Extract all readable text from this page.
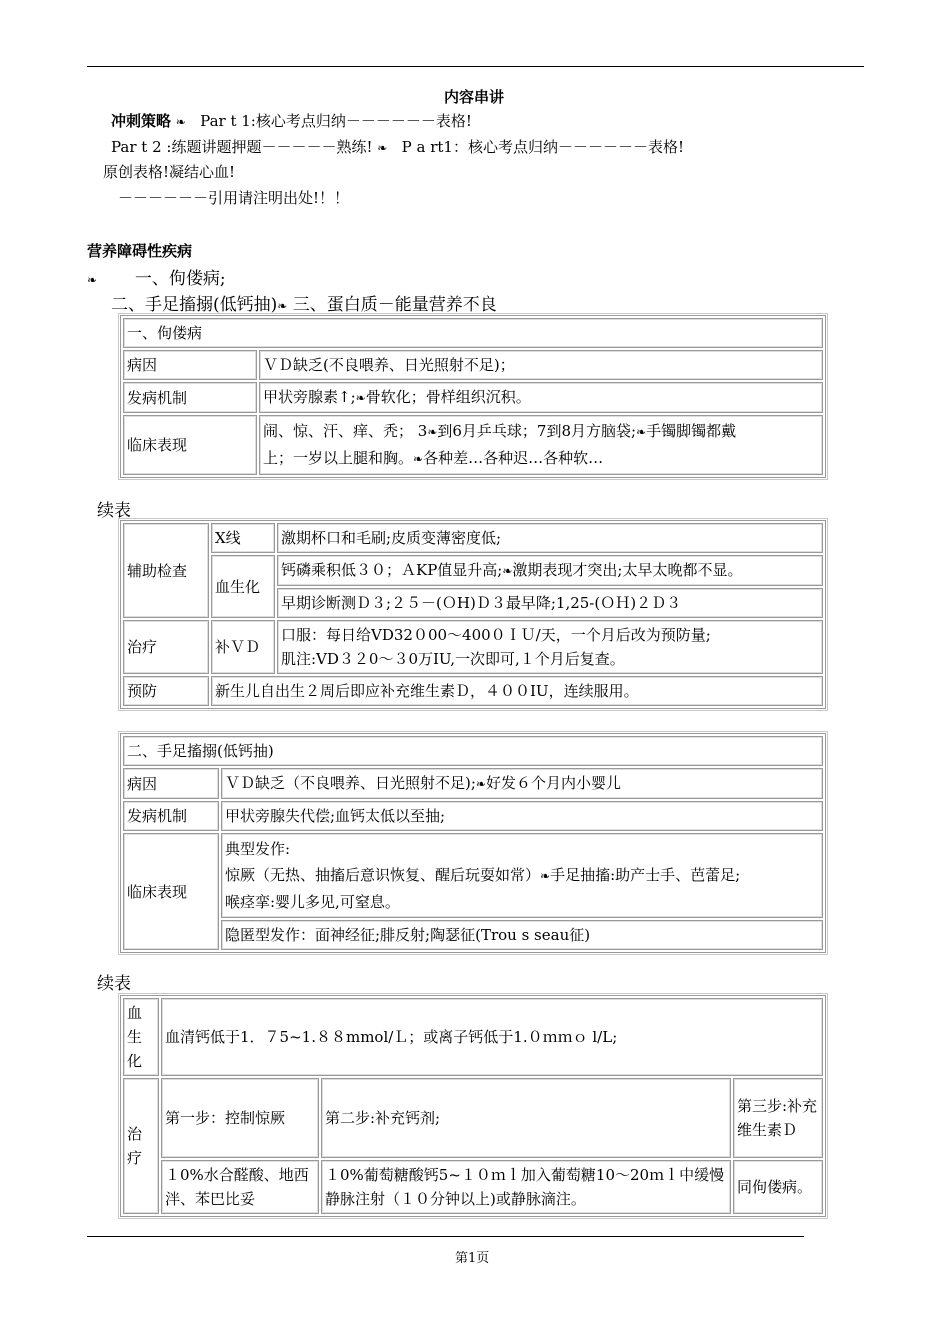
内容串讲
冲刺策略 ❧ Par t 1:核心考点归纳－－－－－－表格!
Par t 2 :练题讲题押题－－－－－熟练! ❧ P a rt1：核心考点归纳－－－－－－表格!
原创表格!凝结心血!
－－－－－－引用请注明出处!！！
营养障碍性疾病
❧ 一、佝偻病;
二、手足搐搦(低钙抽)❧ 三、蛋白质－能量营养不良
一、佝偻病	
病因	ＶＤ缺乏(不良喂养、日光照射不足)；
发病机制	甲状旁腺素↑;❧骨软化；骨样组织沉积。
临床表现	闹、惊、汗、痒、秃； 3❧到6月乒乓球；7到8月方脑袋;❧手镯脚镯都戴
上；一岁以上腿和胸。❧各种差…各种迟…各种软…
续表
辅助检查	X线	激期杯口和毛刷;皮质变薄密度低;
	血生化	钙磷乘积低３０；ＡKP值显升高;❧激期表现才突出;太早太晚都不显。
		早期诊断测Ｄ３;２５－(ＯH)Ｄ３最早降;1,25-(ＯＨ)２Ｄ３
治疗	补ＶＤ	口服：每日给VD32０00～400０ＩＵ/天，一个月后改为预防量;
肌注:VD３２0～３0万IU,一次即可,１个月后复查。
预防	新生儿自出生２周后即应补充维生素Ｄ，４００IU，连续服用。	
二、手足搐搦(低钙抽)	
病因	ＶＤ缺乏（不良喂养、日光照射不足);❧好发６个月内小婴儿
发病机制	甲状旁腺失代偿;血钙太低以至抽;
临床表现	典型发作:
惊厥（无热、抽搐后意识恢复、醒后玩耍如常）❧手足抽搐:助产士手、芭蕾足;
喉痉挛:婴儿多见,可窒息。
	隐匿型发作：面神经征;腓反射;陶瑟征(Trou s seau征)
续表
血生化	血清钙低于1．７5~1.８８mmol/Ｌ；或离子钙低于1.０ｍｍｏ l/L;		
治疗	第一步：控制惊厥	第二步:补充钙剂;	第三步:补充维生素Ｄ
	１0%水合醛酸、地西泮、苯巴比妥	１0%葡萄糖酸钙5~１０ｍｌ加入葡萄糖10～20ｍｌ中缓慢静脉注射（１０分钟以上)或静脉滴注。	同佝偻病。
第1页
